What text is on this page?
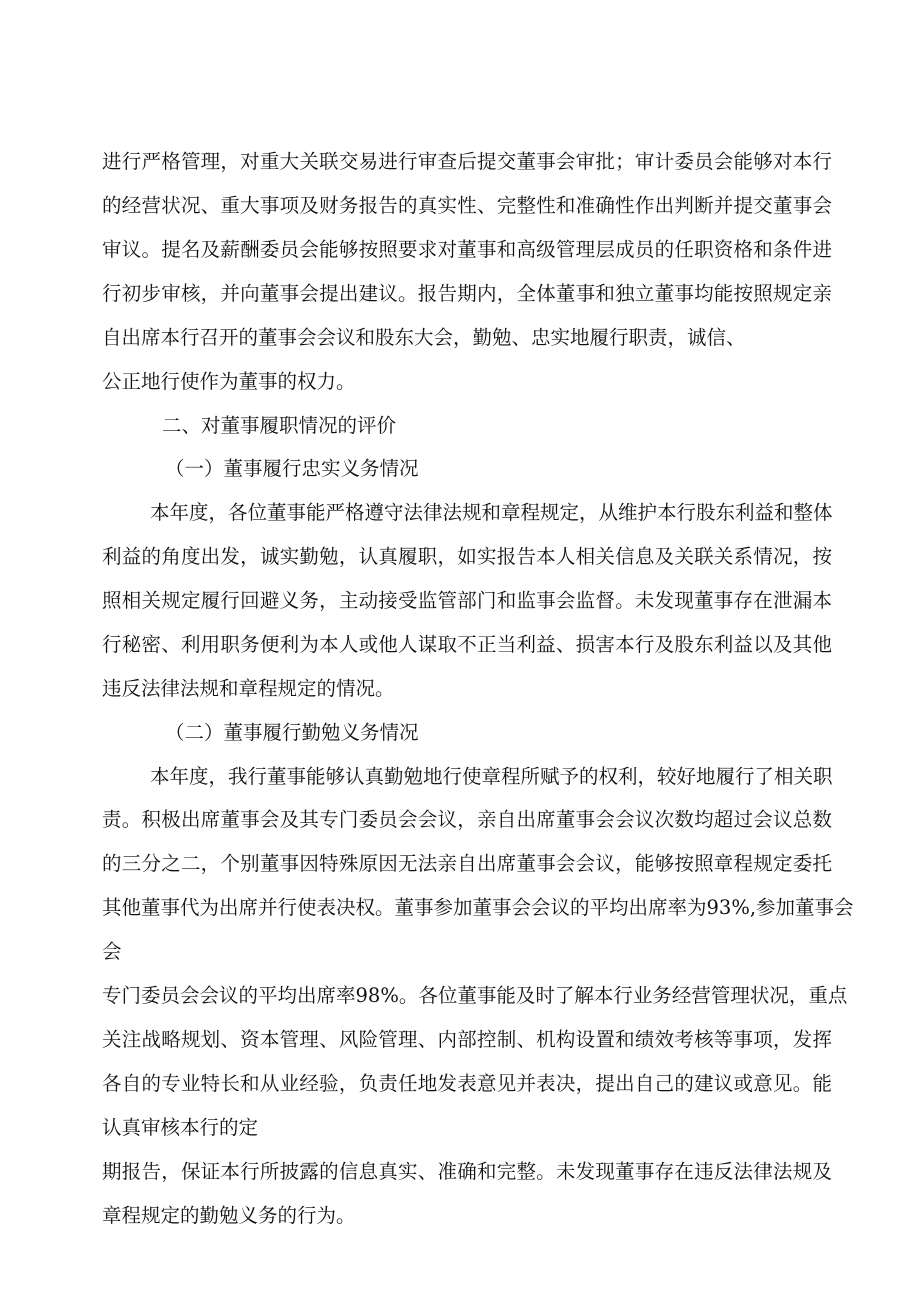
进行严格管理，对重大关联交易进行审查后提交董事会审批；审计委员会能够对本行
的经营状况、重大事项及财务报告的真实性、完整性和准确性作出判断并提交董事会
审议。提名及薪酬委员会能够按照要求对董事和高级管理层成员的任职资格和条件进
行初步审核，并向董事会提出建议。报告期内，全体董事和独立董事均能按照规定亲
自出席本行召开的董事会会议和股东大会，勤勉、忠实地履行职责，诚信、
公正地行使作为董事的权力。
二、对董事履职情况的评价
（一）董事履行忠实义务情况
本年度，各位董事能严格遵守法律法规和章程规定，从维护本行股东利益和整体
利益的角度出发，诚实勤勉，认真履职，如实报告本人相关信息及关联关系情况，按
照相关规定履行回避义务，主动接受监管部门和监事会监督。未发现董事存在泄漏本
行秘密、利用职务便利为本人或他人谋取不正当利益、损害本行及股东利益以及其他
违反法律法规和章程规定的情况。
（二）董事履行勤勉义务情况
本年度，我行董事能够认真勤勉地行使章程所赋予的权利，较好地履行了相关职
责。积极出席董事会及其专门委员会会议，亲自出席董事会会议次数均超过会议总数
的三分之二，个别董事因特殊原因无法亲自出席董事会会议，能够按照章程规定委托
其他董事代为出席并行使表决权。董事参加董事会会议的平均出席率为93%,参加董事会
会
专门委员会会议的平均出席率98%。各位董事能及时了解本行业务经营管理状况，重点
关注战略规划、资本管理、风险管理、内部控制、机构设置和绩效考核等事项，发挥
各自的专业特长和从业经验，负责任地发表意见并表决，提出自己的建议或意见。能
认真审核本行的定
期报告，保证本行所披露的信息真实、准确和完整。未发现董事存在违反法律法规及
章程规定的勤勉义务的行为。
